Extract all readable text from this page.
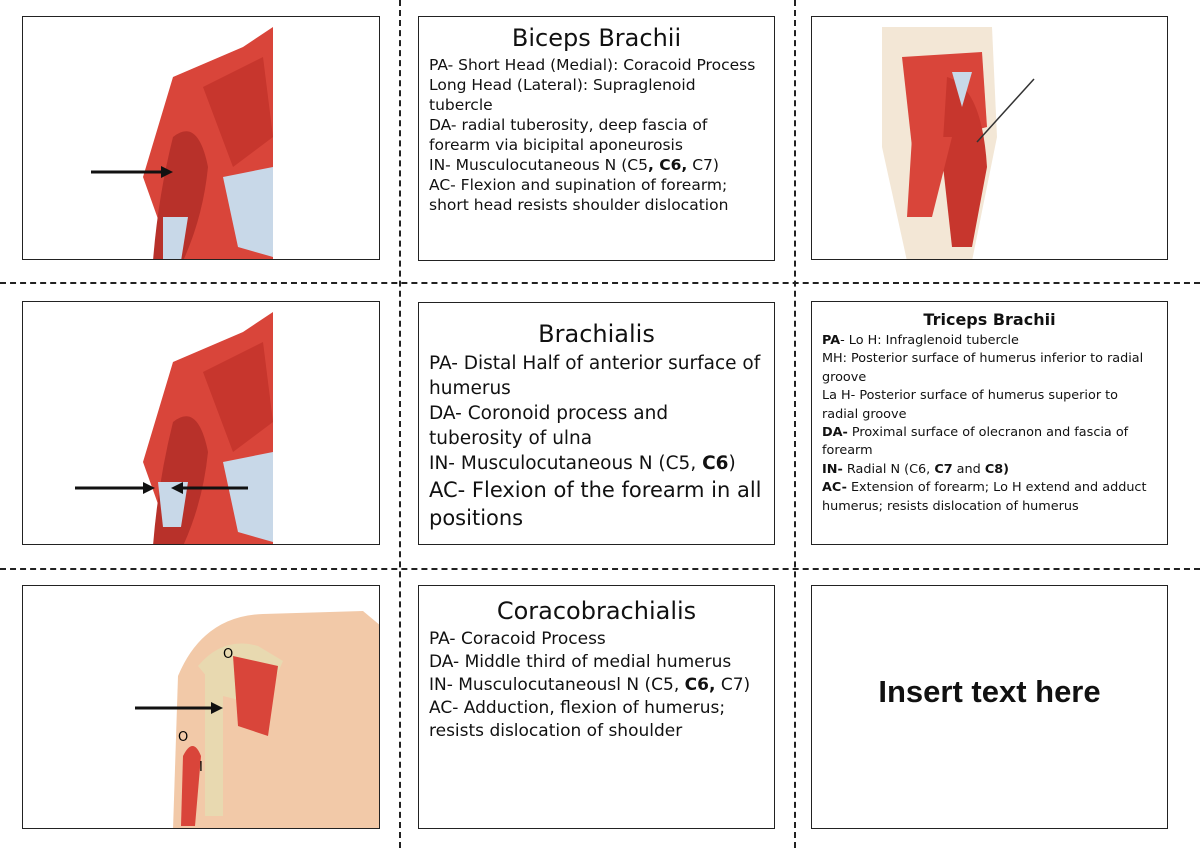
Biceps Brachii
PA- Short Head (Medial): Coracoid Process
Long Head (Lateral): Supraglenoid tubercle
DA- radial tuberosity, deep fascia of forearm via bicipital aponeurosis
IN- Musculocutaneous N (C5, C6, C7)
AC- Flexion and supination of forearm; short head resists shoulder dislocation
Brachialis
PA- Distal Half of anterior surface of humerus
DA- Coronoid process and tuberosity of ulna
IN- Musculocutaneous N (C5, C6)
AC- Flexion of the forearm in all positions
Triceps Brachii
PA- Lo H: Infraglenoid tubercle
MH: Posterior surface of humerus inferior to radial groove
La H- Posterior surface of humerus superior to radial groove
DA- Proximal surface of olecranon and fascia of forearm
IN- Radial N (C6, C7 and C8)
AC- Extension of forearm; Lo H extend and adduct humerus; resists dislocation of humerus
O
O
I
Coracobrachialis
PA- Coracoid Process
DA- Middle third of medial humerus
IN- Musculocutaneousl N (C5, C6, C7)
AC- Adduction, flexion of humerus; resists dislocation of shoulder
Insert text here
